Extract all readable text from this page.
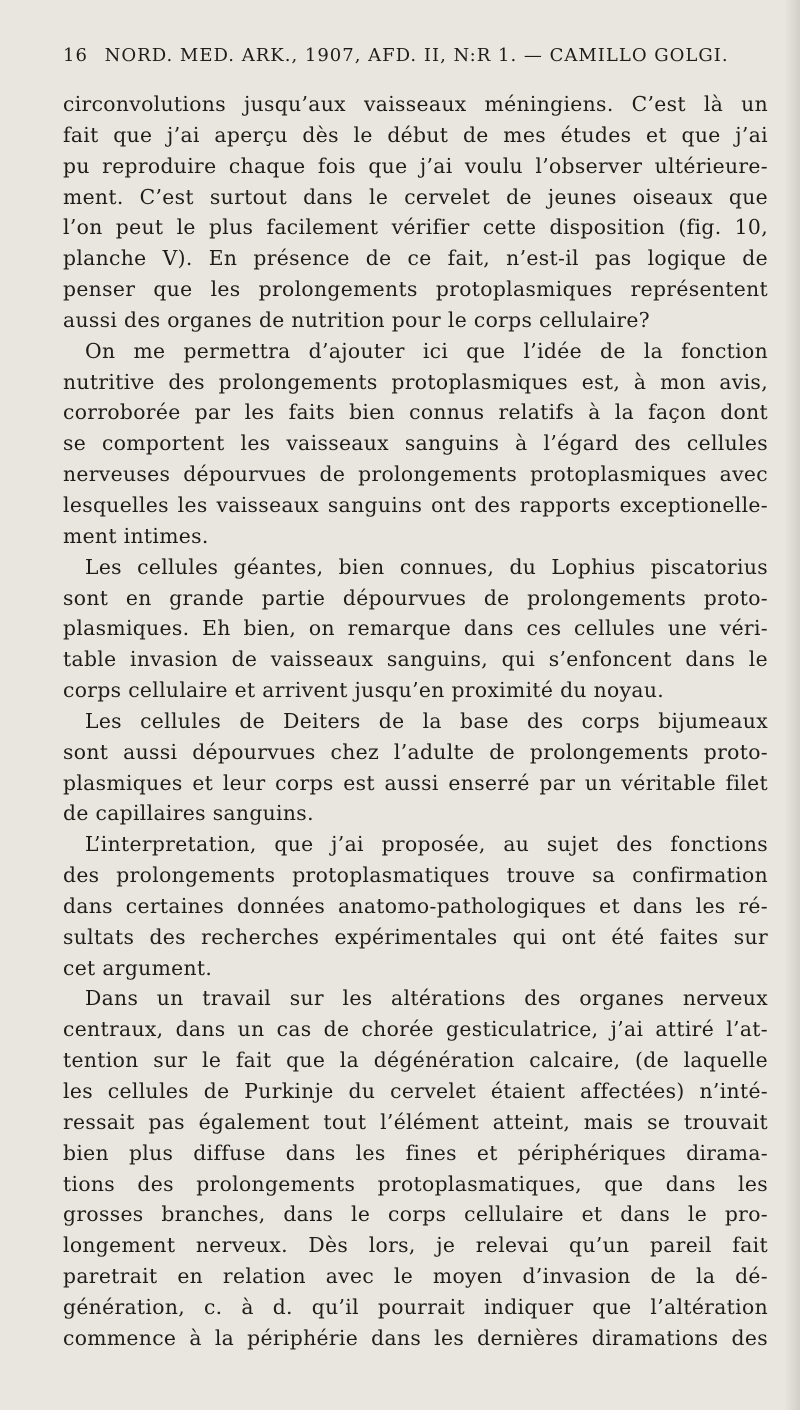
16 NORD. MED. ARK., 1907, AFD. II, N:R 1. — CAMILLO GOLGI.
circonvolutions jusqu’aux vaisseaux méningiens. C’est là un
fait que j’ai aperçu dès le début de mes études et que j’ai
pu reproduire chaque fois que j’ai voulu l’observer ultérieure-
ment. C’est surtout dans le cervelet de jeunes oiseaux que
l’on peut le plus facilement vérifier cette disposition (fig. 10,
planche V). En présence de ce fait, n’est-il pas logique de
penser que les prolongements protoplasmiques représentent
aussi des organes de nutrition pour le corps cellulaire?
On me permettra d’ajouter ici que l’idée de la fonction
nutritive des prolongements protoplasmiques est, à mon avis,
corroborée par les faits bien connus relatifs à la façon dont
se comportent les vaisseaux sanguins à l’égard des cellules
nerveuses dépourvues de prolongements protoplasmiques avec
lesquelles les vaisseaux sanguins ont des rapports exceptionelle-
ment intimes.
Les cellules géantes, bien connues, du Lophius piscatorius
sont en grande partie dépourvues de prolongements proto-
plasmiques. Eh bien, on remarque dans ces cellules une véri-
table invasion de vaisseaux sanguins, qui s’enfoncent dans le
corps cellulaire et arrivent jusqu’en proximité du noyau.
Les cellules de Deiters de la base des corps bijumeaux
sont aussi dépourvues chez l’adulte de prolongements proto-
plasmiques et leur corps est aussi enserré par un véritable filet
de capillaires sanguins.
L’interpretation, que j’ai proposée, au sujet des fonctions
des prolongements protoplasmatiques trouve sa confirmation
dans certaines données anatomo-pathologiques et dans les ré-
sultats des recherches expérimentales qui ont été faites sur
cet argument.
Dans un travail sur les altérations des organes nerveux
centraux, dans un cas de chorée gesticulatrice, j’ai attiré l’at-
tention sur le fait que la dégénération calcaire, (de laquelle
les cellules de Purkinje du cervelet étaient affectées) n’inté-
ressait pas également tout l’élément atteint, mais se trouvait
bien plus diffuse dans les fines et périphériques dirama-
tions des prolongements protoplasmatiques, que dans les
grosses branches, dans le corps cellulaire et dans le pro-
longement nerveux. Dès lors, je relevai qu’un pareil fait
paretrait en relation avec le moyen d’invasion de la dé-
génération, c. à d. qu’il pourrait indiquer que l’altération
commence à la périphérie dans les dernières diramations des
